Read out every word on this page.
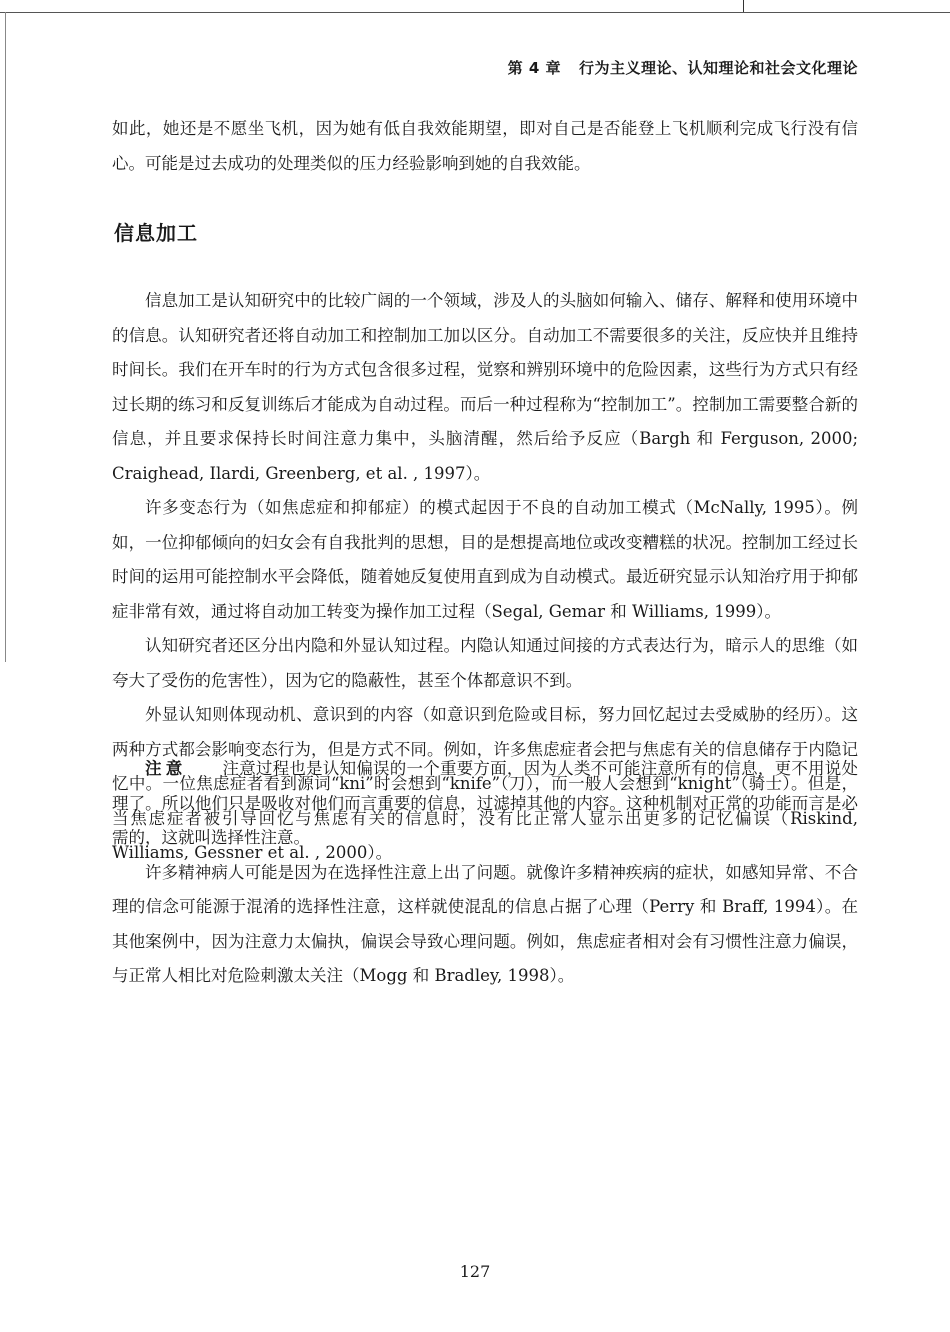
第 4 章 行为主义理论、认知理论和社会文化理论

如此，她还是不愿坐飞机，因为她有低自我效能期望，即对自己是否能登上飞机顺利完成飞行没有信心。可能是过去成功的处理类似的压力经验影响到她的自我效能。

信息加工

信息加工是认知研究中的比较广阔的一个领域，涉及人的头脑如何输入、储存、解释和使用环境中的信息。认知研究者还将自动加工和控制加工加以区分。自动加工不需要很多的关注，反应快并且维持时间长。我们在开车时的行为方式包含很多过程，觉察和辨别环境中的危险因素，这些行为方式只有经过长期的练习和反复训练后才能成为自动过程。而后一种过程称为“控制加工”。控制加工需要整合新的信息，并且要求保持长时间注意力集中，头脑清醒，然后给予反应（Bargh 和 Ferguson, 2000; Craighead, Ilardi, Greenberg, et al. , 1997）。

许多变态行为（如焦虑症和抑郁症）的模式起因于不良的自动加工模式（McNally, 1995）。例如，一位抑郁倾向的妇女会有自我批判的思想，目的是想提高地位或改变糟糕的状况。控制加工经过长时间的运用可能控制水平会降低，随着她反复使用直到成为自动模式。最近研究显示认知治疗用于抑郁症非常有效，通过将自动加工转变为操作加工过程（Segal, Gemar 和 Williams, 1999）。

认知研究者还区分出内隐和外显认知过程。内隐认知通过间接的方式表达行为，暗示人的思维（如夸大了受伤的危害性），因为它的隐蔽性，甚至个体都意识不到。

外显认知则体现动机、意识到的内容（如意识到危险或目标，努力回忆起过去受威胁的经历）。这两种方式都会影响变态行为，但是方式不同。例如，许多焦虑症者会把与焦虑有关的信息储存于内隐记忆中。一位焦虑症者看到源词“kni”时会想到“knife”（刀），而一般人会想到“knight”（骑士）。但是，当焦虑症者被引导回忆与焦虑有关的信息时，没有比正常人显示出更多的记忆偏误（Riskind, Williams, Gessner et al. , 2000）。

注意 注意过程也是认知偏误的一个重要方面，因为人类不可能注意所有的信息，更不用说处理了。所以他们只是吸收对他们而言重要的信息，过滤掉其他的内容。这种机制对正常的功能而言是必需的，这就叫选择性注意。

许多精神病人可能是因为在选择性注意上出了问题。就像许多精神疾病的症状，如感知异常、不合理的信念可能源于混淆的选择性注意，这样就使混乱的信息占据了心理（Perry 和 Braff, 1994）。在其他案例中，因为注意力太偏执，偏误会导致心理问题。例如，焦虑症者相对会有习惯性注意力偏误，与正常人相比对危险刺激太关注（Mogg 和 Bradley, 1998）。

127
